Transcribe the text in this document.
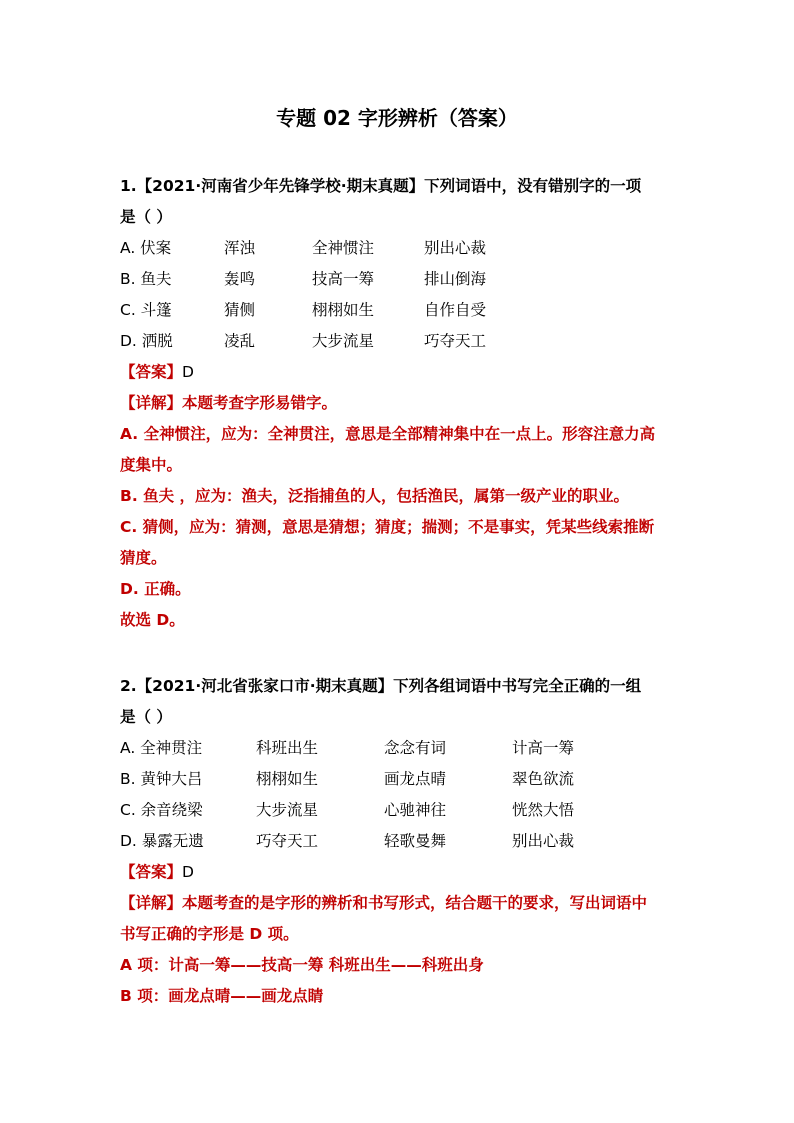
专题 02 字形辨析（答案）
1.【2021·河南省少年先锋学校·期末真题】下列词语中，没有错别字的一项
是（ ）
A. 伏案	浑浊	全神惯注	别出心裁
B. 鱼夫	轰鸣	技高一筹	排山倒海
C. 斗篷	猜侧	栩栩如生	自作自受
D. 洒脱	凌乱	大步流星	巧夺天工
【答案】D
【详解】本题考查字形易错字。
A. 全神惯注，应为：全神贯注，意思是全部精神集中在一点上。形容注意力高
度集中。
B. 鱼夫 ，应为：渔夫，泛指捕鱼的人，包括渔民，属第一级产业的职业。
C. 猜侧，应为：猜测，意思是猜想；猜度；揣测；不是事实，凭某些线索推断
猜度。
D. 正确。
故选 D。
2.【2021·河北省张家口市·期末真题】下列各组词语中书写完全正确的一组
是（ ）
A. 全神贯注	科班出生	念念有词	计高一筹
B. 黄钟大吕	栩栩如生	画龙点晴	翠色欲流
C. 余音绕梁	大步流星	心驰神往	恍然大悟
D. 暴露无遗	巧夺天工	轻歌曼舞	别出心裁
【答案】D
【详解】本题考查的是字形的辨析和书写形式，结合题干的要求，写出词语中
书写正确的字形是 D 项。
A 项：计高一筹——技高一筹 科班出生——科班出身
B 项：画龙点晴——画龙点睛
